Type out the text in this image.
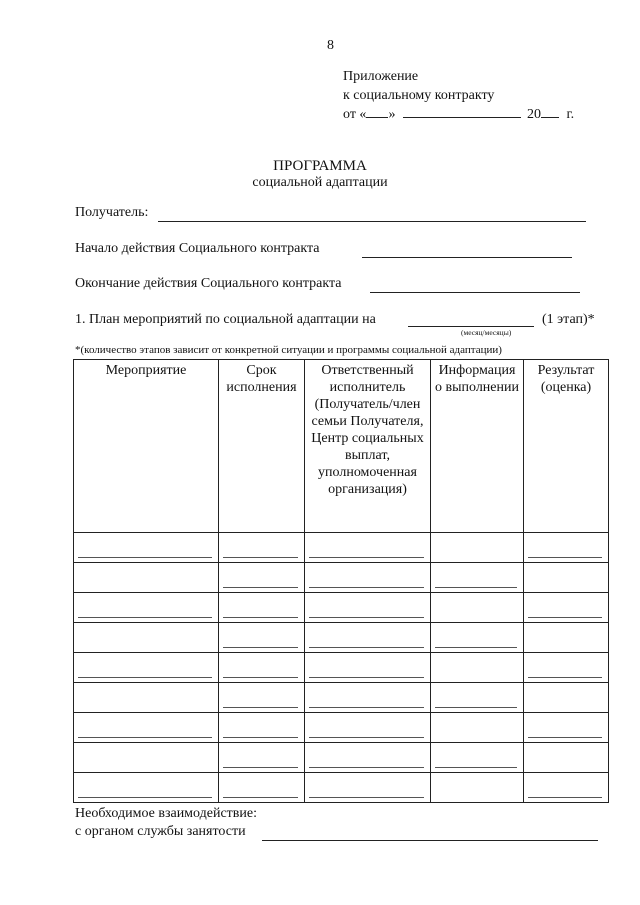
8
Приложение
к социальному контракту
от « »	20 г.
ПРОГРАММА
социальной адаптации
Получатель:
Начало действия Социального контракта
Окончание действия Социального контракта
1. План мероприятий по социальной адаптации на
(месяц/месяцы)
(1 этап)*
*(количество этапов зависит от конкретной ситуации и программы социальной адаптации)
Мероприятие	Срок исполнения	Ответственный исполнитель (Получатель/член семьи Получателя, Центр социальных выплат, уполномоченная организация)	Информация о выполнении	Результат (оценка)

Необходимое взаимодействие:
с органом службы занятости
